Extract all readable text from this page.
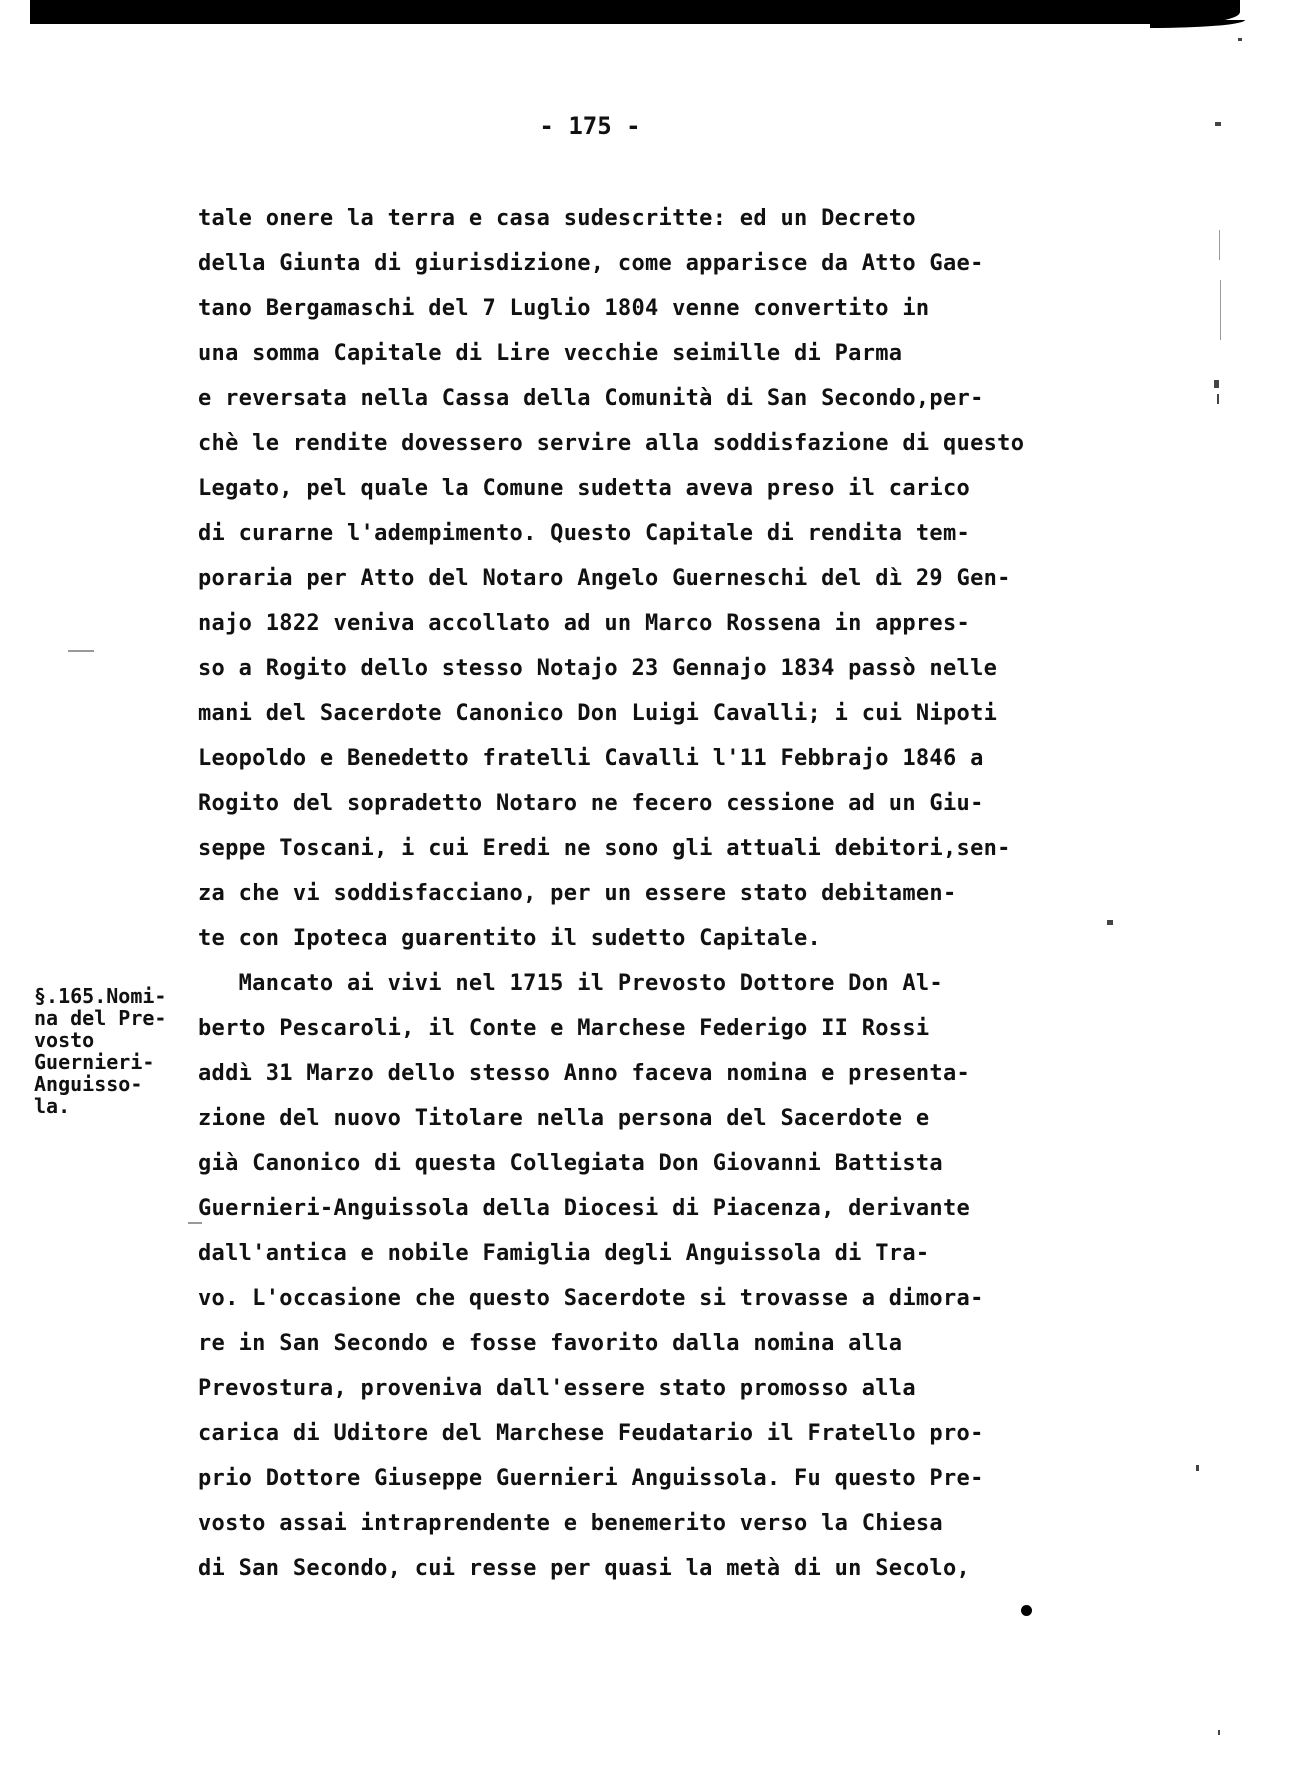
- 175 -
tale onere la terra e casa sudescritte: ed un Decreto
della Giunta di giurisdizione, come apparisce da Atto Gae-
tano Bergamaschi del 7 Luglio 1804 venne convertito in
una somma Capitale di Lire vecchie seimille di Parma
e reversata nella Cassa della Comunità di San Secondo,per-
chè le rendite dovessero servire alla soddisfazione di questo
Legato, pel quale la Comune sudetta aveva preso il carico
di curarne l'adempimento. Questo Capitale di rendita tem-
poraria per Atto del Notaro Angelo Guerneschi del dì 29 Gen-
najo 1822 veniva accollato ad un Marco Rossena in appres-
so a Rogito dello stesso Notajo 23 Gennajo 1834 passò nelle
mani del Sacerdote Canonico Don Luigi Cavalli; i cui Nipoti
Leopoldo e Benedetto fratelli Cavalli l'11 Febbrajo 1846 a
Rogito del sopradetto Notaro ne fecero cessione ad un Giu-
seppe Toscani, i cui Eredi ne sono gli attuali debitori,sen-
za che vi soddisfacciano, per un essere stato debitamen-
te con Ipoteca guarentito il sudetto Capitale.
Mancato ai vivi nel 1715 il Prevosto Dottore Don Al-
berto Pescaroli, il Conte e Marchese Federigo II Rossi
addì 31 Marzo dello stesso Anno faceva nomina e presenta-
zione del nuovo Titolare nella persona del Sacerdote e
già Canonico di questa Collegiata Don Giovanni Battista
Guernieri-Anguissola della Diocesi di Piacenza, derivante
dall'antica e nobile Famiglia degli Anguissola di Tra-
vo. L'occasione che questo Sacerdote si trovasse a dimora-
re in San Secondo e fosse favorito dalla nomina alla
Prevostura, proveniva dall'essere stato promosso alla
carica di Uditore del Marchese Feudatario il Fratello pro-
prio Dottore Giuseppe Guernieri Anguissola. Fu questo Pre-
vosto assai intraprendente e benemerito verso la Chiesa
di San Secondo, cui resse per quasi la metà di un Secolo,
§.165.Nomi-
na del Pre-
vosto
Guernieri-
Anguisso-
la.
